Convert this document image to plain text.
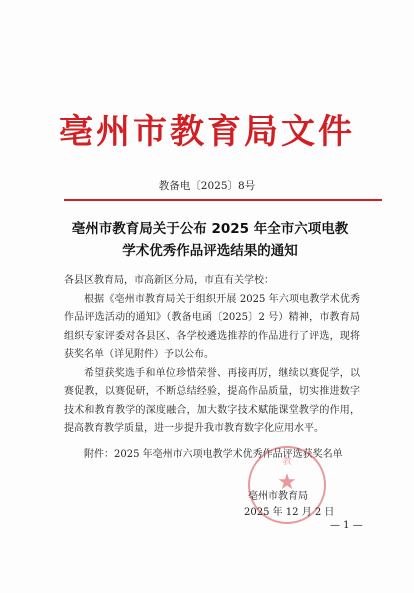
亳州市教育局文件
教备电〔2025〕8号
亳州市教育局关于公布 2025 年全市六项电教
学术优秀作品评选结果的通知

各县区教育局，市高新区分局，市直有关学校：

根据《亳州市教育局关于组织开展 2025 年六项电教学术优秀作品评选活动的通知》（教备电函〔2025〕2 号）精神，市教育局组织专家评委对各县区、各学校遴选推荐的作品进行了评选，现将获奖名单（详见附件）予以公布。

希望获奖选手和单位珍惜荣誉、再接再厉，继续以赛促学，以赛促教，以赛促研，不断总结经验，提高作品质量，切实推进数字技术和教育教学的深度融合，加大数字技术赋能课堂教学的作用，提高教育教学质量，进一步提升我市教育数字化应用水平。

附件：2025 年亳州市六项电教学术优秀作品评选获奖名单

教
★
亳州市教育局
2025 年 12 月 2 日
— 1 —
